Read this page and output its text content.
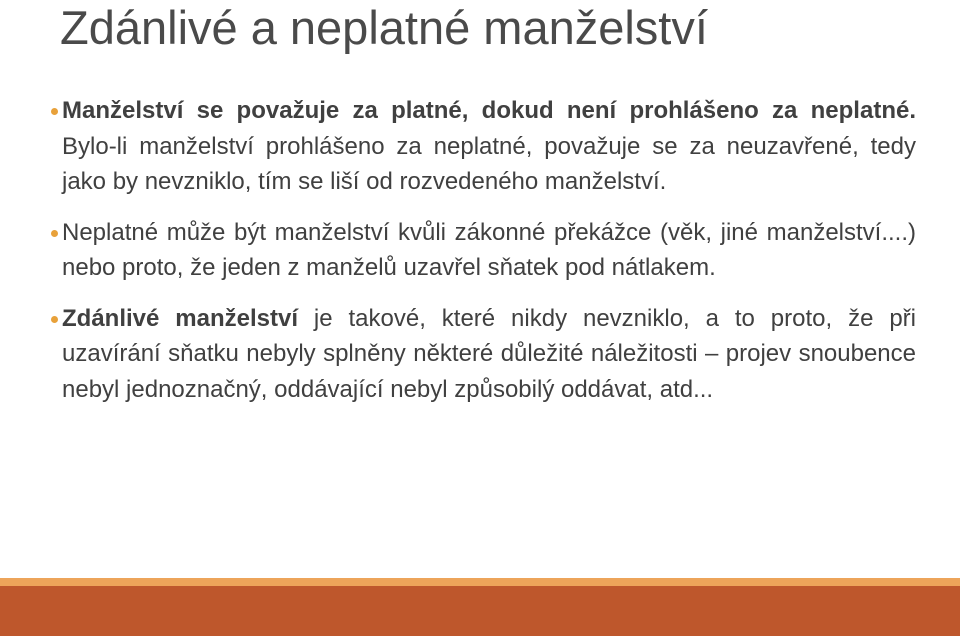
Zdánlivé a neplatné manželství
Manželství se považuje za platné, dokud není prohlášeno za neplatné. Bylo-li manželství prohlášeno za neplatné, považuje se za neuzavřené, tedy jako by nevzniklo, tím se liší od rozvedeného manželství.
Neplatné může být manželství kvůli zákonné překážce (věk, jiné manželství....) nebo proto, že jeden z manželů uzavřel sňatek pod nátlakem.
Zdánlivé manželství je takové, které nikdy nevzniklo, a to proto, že při uzavírání sňatku nebyly splněny některé důležité náležitosti – projev snoubence nebyl jednoznačný, oddávající nebyl způsobilý oddávat, atd...
